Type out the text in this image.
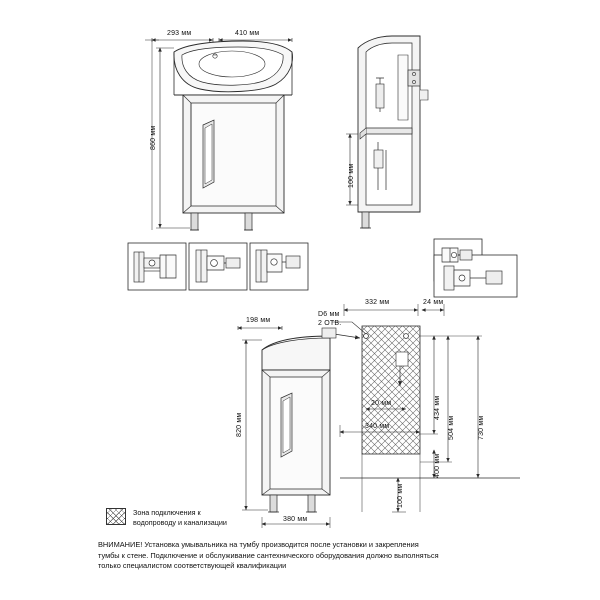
293 мм	410 мм
860 мм
100 мм
198 мм
820 мм
380 мм
332 мм	24 мм
D6 мм
2 ОТВ.
20 мм
340 мм
434 мм
504 мм	730 мм
400 мм
100 мм
Зона подключения к
водопроводу и канализации
ВНИМАНИЕ! Установка умывальника на тумбу производится после установки и закрепления
тумбы к стене. Подключение и обслуживание сантехнического оборудования должно выполняться
только специалистом соответствующей квалификации
